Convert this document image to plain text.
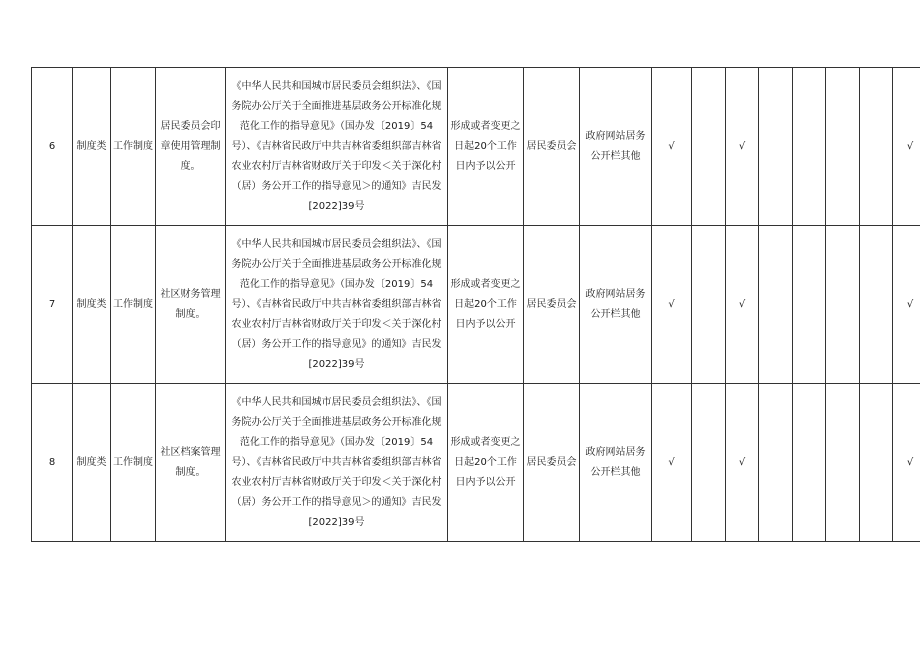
6	制度类	工作制度	居民委员会印章使用管理制度。	《中华人民共和国城市居民委员会组织法》、《国务院办公厅关于全面推进基层政务公开标准化规范化工作的指导意见》（国办发〔2019〕54号）、《吉林省民政厅中共吉林省委组织部吉林省农业农村厅吉林省财政厅关于印发＜关于深化村（居）务公开工作的指导意见＞的通知》吉民发[2022]39号	形成或者变更之日起20个工作日内予以公开	居民委员会	政府网站居务公开栏其他	√		√					√
7	制度类	工作制度	社区财务管理制度。	《中华人民共和国城市居民委员会组织法》、《国务院办公厅关于全面推进基层政务公开标准化规范化工作的指导意见》（国办发〔2019〕54号）、《吉林省民政厅中共吉林省委组织部吉林省农业农村厅吉林省财政厅关于印发＜关于深化村（居）务公开工作的指导意见》的通知》吉民发[2022]39号	形成或者变更之日起20个工作日内予以公开	居民委员会	政府网站居务公开栏其他	√		√					√
8	制度类	工作制度	社区档案管理制度。	《中华人民共和国城市居民委员会组织法》、《国务院办公厅关于全面推进基层政务公开标准化规范化工作的指导意见》（国办发〔2019〕54号）、《吉林省民政厅中共吉林省委组织部吉林省农业农村厅吉林省财政厅关于印发＜关于深化村（居）务公开工作的指导意见＞的通知》吉民发[2022]39号	形成或者变更之日起20个工作日内予以公开	居民委员会	政府网站居务公开栏其他	√		√					√
